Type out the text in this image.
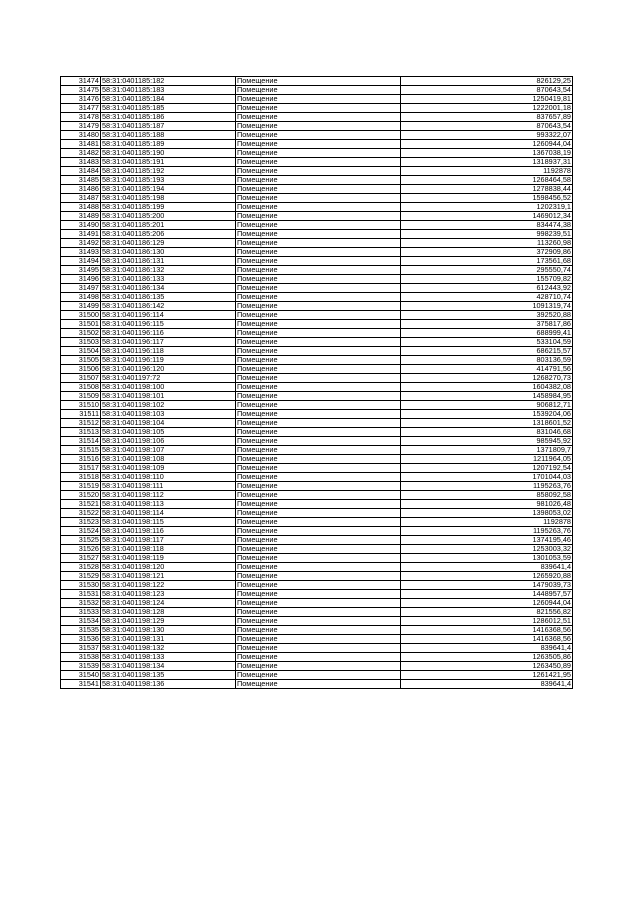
31474	58:31:0401185:182	Помещение	826129,25
31475	58:31:0401185:183	Помещение	870643,54
31476	58:31:0401185:184	Помещение	1250419,81
31477	58:31:0401185:185	Помещение	1222001,18
31478	58:31:0401185:186	Помещение	837657,89
31479	58:31:0401185:187	Помещение	870643,54
31480	58:31:0401185:188	Помещение	993322,07
31481	58:31:0401185:189	Помещение	1260944,04
31482	58:31:0401185:190	Помещение	1367038,19
31483	58:31:0401185:191	Помещение	1318937,31
31484	58:31:0401185:192	Помещение	1192878
31485	58:31:0401185:193	Помещение	1268464,58
31486	58:31:0401185:194	Помещение	1278838,44
31487	58:31:0401185:198	Помещение	1598456,52
31488	58:31:0401185:199	Помещение	1202319,1
31489	58:31:0401185:200	Помещение	1469012,34
31490	58:31:0401185:201	Помещение	834474,38
31491	58:31:0401185:206	Помещение	998239,51
31492	58:31:0401186:129	Помещение	113260,98
31493	58:31:0401186:130	Помещение	372909,86
31494	58:31:0401186:131	Помещение	173561,68
31495	58:31:0401186:132	Помещение	295550,74
31496	58:31:0401186:133	Помещение	155709,82
31497	58:31:0401186:134	Помещение	612443,92
31498	58:31:0401186:135	Помещение	428710,74
31499	58:31:0401186:142	Помещение	1091319,74
31500	58:31:0401196:114	Помещение	392520,88
31501	58:31:0401196:115	Помещение	375817,86
31502	58:31:0401196:116	Помещение	688999,41
31503	58:31:0401196:117	Помещение	533104,59
31504	58:31:0401196:118	Помещение	686215,57
31505	58:31:0401196:119	Помещение	803136,59
31506	58:31:0401196:120	Помещение	414791,56
31507	58:31:0401197:72	Помещение	1268270,73
31508	58:31:0401198:100	Помещение	1604382,08
31509	58:31:0401198:101	Помещение	1458984,95
31510	58:31:0401198:102	Помещение	906812,71
31511	58:31:0401198:103	Помещение	1539204,06
31512	58:31:0401198:104	Помещение	1318601,52
31513	58:31:0401198:105	Помещение	831046,68
31514	58:31:0401198:106	Помещение	985945,92
31515	58:31:0401198:107	Помещение	1371809,7
31516	58:31:0401198:108	Помещение	1211964,05
31517	58:31:0401198:109	Помещение	1207192,54
31518	58:31:0401198:110	Помещение	1701044,03
31519	58:31:0401198:111	Помещение	1195263,76
31520	58:31:0401198:112	Помещение	858092,58
31521	58:31:0401198:113	Помещение	981026,48
31522	58:31:0401198:114	Помещение	1398053,02
31523	58:31:0401198:115	Помещение	1192878
31524	58:31:0401198:116	Помещение	1195263,76
31525	58:31:0401198:117	Помещение	1374195,46
31526	58:31:0401198:118	Помещение	1253003,32
31527	58:31:0401198:119	Помещение	1301053,59
31528	58:31:0401198:120	Помещение	839641,4
31529	58:31:0401198:121	Помещение	1265920,88
31530	58:31:0401198:122	Помещение	1479039,73
31531	58:31:0401198:123	Помещение	1448957,57
31532	58:31:0401198:124	Помещение	1260944,04
31533	58:31:0401198:128	Помещение	821556,82
31534	58:31:0401198:129	Помещение	1286012,51
31535	58:31:0401198:130	Помещение	1416368,56
31536	58:31:0401198:131	Помещение	1416368,56
31537	58:31:0401198:132	Помещение	839641,4
31538	58:31:0401198:133	Помещение	1263505,86
31539	58:31:0401198:134	Помещение	1263450,89
31540	58:31:0401198:135	Помещение	1261421,95
31541	58:31:0401198:136	Помещение	839641,4
